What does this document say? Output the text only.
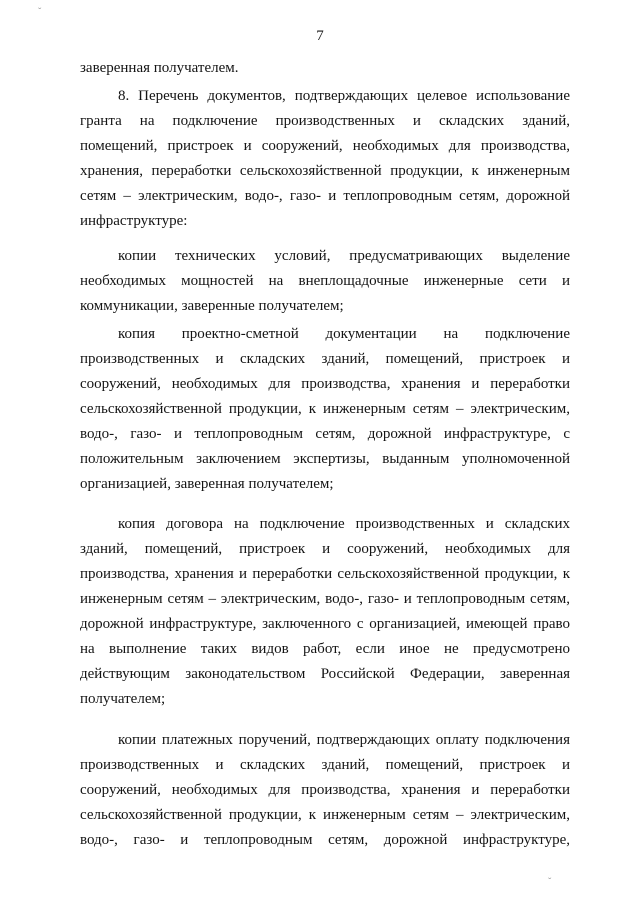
ˇ
7
заверенная получателем.
8. Перечень документов, подтверждающих целевое использование
гранта на подключение производственных и складских зданий,
помещений, пристроек и сооружений, необходимых для производства,
хранения, переработки сельскохозяйственной продукции, к инженерным
сетям – электрическим, водо-, газо- и теплопроводным сетям, дорожной
инфраструктуре:
копии технических условий, предусматривающих выделение
необходимых мощностей на внеплощадочные инженерные сети и
коммуникации, заверенные получателем;
копия проектно-сметной документации на подключение
производственных и складских зданий, помещений, пристроек и
сооружений, необходимых для производства, хранения и переработки
сельскохозяйственной продукции, к инженерным сетям – электрическим,
водо-, газо- и теплопроводным сетям, дорожной инфраструктуре, с
положительным заключением экспертизы, выданным уполномоченной
организацией, заверенная получателем;
копия договора на подключение производственных и складских
зданий, помещений, пристроек и сооружений, необходимых для
производства, хранения и переработки сельскохозяйственной продукции, к
инженерным сетям – электрическим, водо-, газо- и теплопроводным сетям,
дорожной инфраструктуре, заключенного с организацией, имеющей право
на выполнение таких видов работ, если иное не предусмотрено
действующим законодательством Российской Федерации, заверенная
получателем;
копии платежных поручений, подтверждающих оплату подключения
производственных и складских зданий, помещений, пристроек и
сооружений, необходимых для производства, хранения и переработки
сельскохозяйственной продукции, к инженерным сетям – электрическим,
водо-, газо- и теплопроводным сетям, дорожной инфраструктуре,
ˇ
